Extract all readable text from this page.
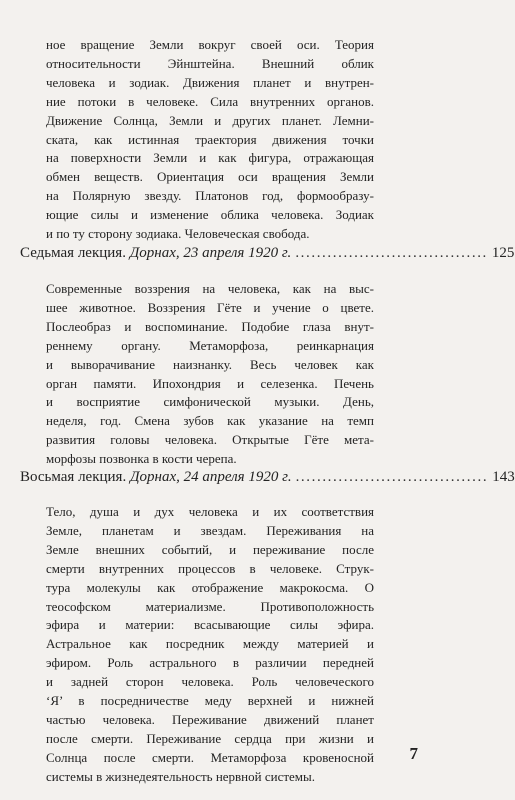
ное вращение Земли вокруг своей оси. Теория
относительности Эйнштейна. Внешний облик
человека и зодиак. Движения планет и внутрен-
ние потоки в человеке. Сила внутренних органов.
Движение Солнца, Земли и других планет. Лемни-
ската, как истинная траектория движения точки
на поверхности Земли и как фигура, отражающая
обмен веществ. Ориентация оси вращения Земли
на Полярную звезду. Платонов год, формообразу-
ющие силы и изменение облика человека. Зодиак
и по ту сторону зодиака. Человеческая свобода.
Седьмая лекция.
Дорнах, 23 апреля 1920 г. .................................... 125
Современные воззрения на человека, как на выс-
шее животное. Воззрения Гёте и учение о цвете.
Послеобраз и воспоминание. Подобие глаза внут-
реннему органу. Метаморфоза, реинкарнация
и выворачивание наизнанку. Весь человек как
орган памяти. Ипохондрия и селезенка. Печень
и восприятие симфонической музыки. День,
неделя, год. Смена зубов как указание на темп
развития головы человека. Открытые Гёте мета-
морфозы позвонка в кости черепа.
Восьмая лекция.
Дорнах, 24 апреля 1920 г. .................................... 143
Тело, душа и дух человека и их соответствия
Земле, планетам и звездам. Переживания на
Земле внешних событий, и переживание после
смерти внутренних процессов в человеке. Струк-
тура молекулы как отображение макрокосма. О
теософском материализме. Противоположность
эфира и материи: всасывающие силы эфира.
Астральное как посредник между материей и
эфиром. Роль астрального в различии передней
и задней сторон человека. Роль человеческого
‘Я’ в посредничестве меду верхней и нижней
частью человека. Переживание движений планет
после смерти. Переживание сердца при жизни и
Солнца после смерти. Метаморфоза кровеносной
системы в жизнедеятельность нервной системы.
7
